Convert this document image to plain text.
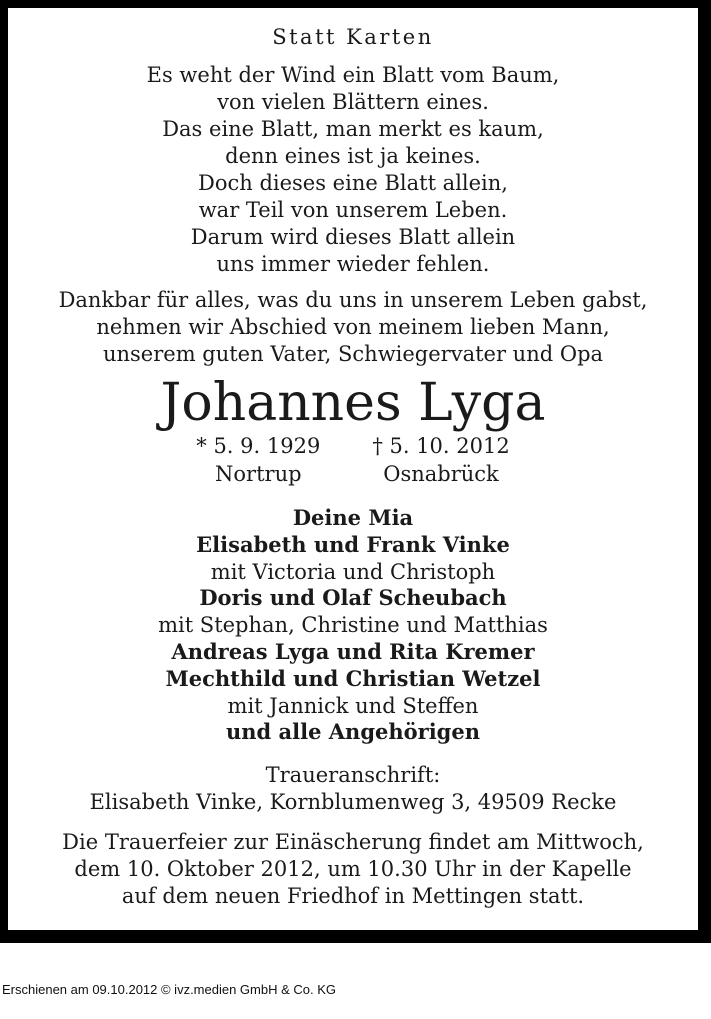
Statt Karten
Es weht der Wind ein Blatt vom Baum,
von vielen Blättern eines.
Das eine Blatt, man merkt es kaum,
denn eines ist ja keines.
Doch dieses eine Blatt allein,
war Teil von unserem Leben.
Darum wird dieses Blatt allein
uns immer wieder fehlen.
Dankbar für alles, was du uns in unserem Leben gabst,
nehmen wir Abschied von meinem lieben Mann,
unserem guten Vater, Schwiegervater und Opa
Johannes Lyga
* 5. 9. 1929
Nortrup
† 5. 10. 2012
Osnabrück
Deine Mia
Elisabeth und Frank Vinke
mit Victoria und Christoph
Doris und Olaf Scheubach
mit Stephan, Christine und Matthias
Andreas Lyga und Rita Kremer
Mechthild und Christian Wetzel
mit Jannick und Steffen
und alle Angehörigen
Traueranschrift:
Elisabeth Vinke, Kornblumenweg 3, 49509 Recke
Die Trauerfeier zur Einäscherung findet am Mittwoch,
dem 10. Oktober 2012, um 10.30 Uhr in der Kapelle
auf dem neuen Friedhof in Mettingen statt.
Erschienen am 09.10.2012 © ivz.medien GmbH & Co. KG
